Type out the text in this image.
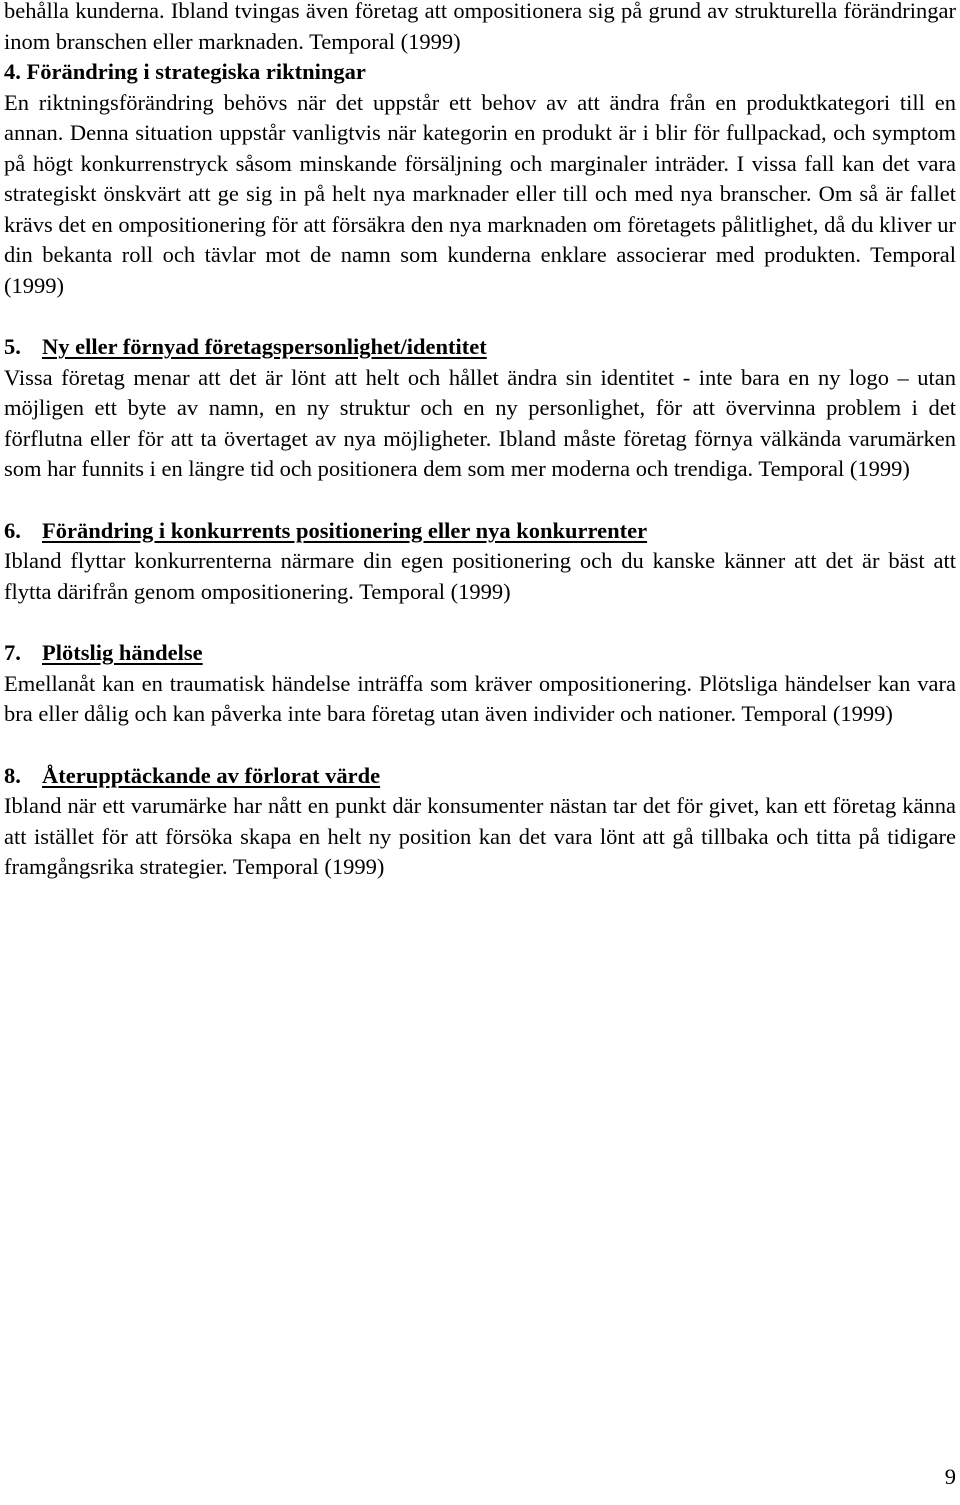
behålla kunderna. Ibland tvingas även företag att ompositionera sig på grund av strukturella förändringar inom branschen eller marknaden. Temporal (1999)

4. Förändring i strategiska riktningar

En riktningsförändring behövs när det uppstår ett behov av att ändra från en produktkategori till en annan. Denna situation uppstår vanligtvis när kategorin en produkt är i blir för fullpackad, och symptom på högt konkurrenstryck såsom minskande försäljning och marginaler inträder. I vissa fall kan det vara strategiskt önskvärt att ge sig in på helt nya marknader eller till och med nya branscher. Om så är fallet krävs det en ompositionering för att försäkra den nya marknaden om företagets pålitlighet, då du kliver ur din bekanta roll och tävlar mot de namn som kunderna enklare associerar med produkten. Temporal (1999)

5. Ny eller förnyad företagspersonlighet/identitet

Vissa företag menar att det är lönt att helt och hållet ändra sin identitet - inte bara en ny logo – utan möjligen ett byte av namn, en ny struktur och en ny personlighet, för att övervinna problem i det förflutna eller för att ta övertaget av nya möjligheter. Ibland måste företag förnya välkända varumärken som har funnits i en längre tid och positionera dem som mer moderna och trendiga. Temporal (1999)

6. Förändring i konkurrents positionering eller nya konkurrenter

Ibland flyttar konkurrenterna närmare din egen positionering och du kanske känner att det är bäst att flytta därifrån genom ompositionering. Temporal (1999)

7. Plötslig händelse

Emellanåt kan en traumatisk händelse inträffa som kräver ompositionering. Plötsliga händelser kan vara bra eller dålig och kan påverka inte bara företag utan även individer och nationer. Temporal (1999)

8. Återupptäckande av förlorat värde

Ibland när ett varumärke har nått en punkt där konsumenter nästan tar det för givet, kan ett företag känna att istället för att försöka skapa en helt ny position kan det vara lönt att gå tillbaka och titta på tidigare framgångsrika strategier. Temporal (1999)

9
